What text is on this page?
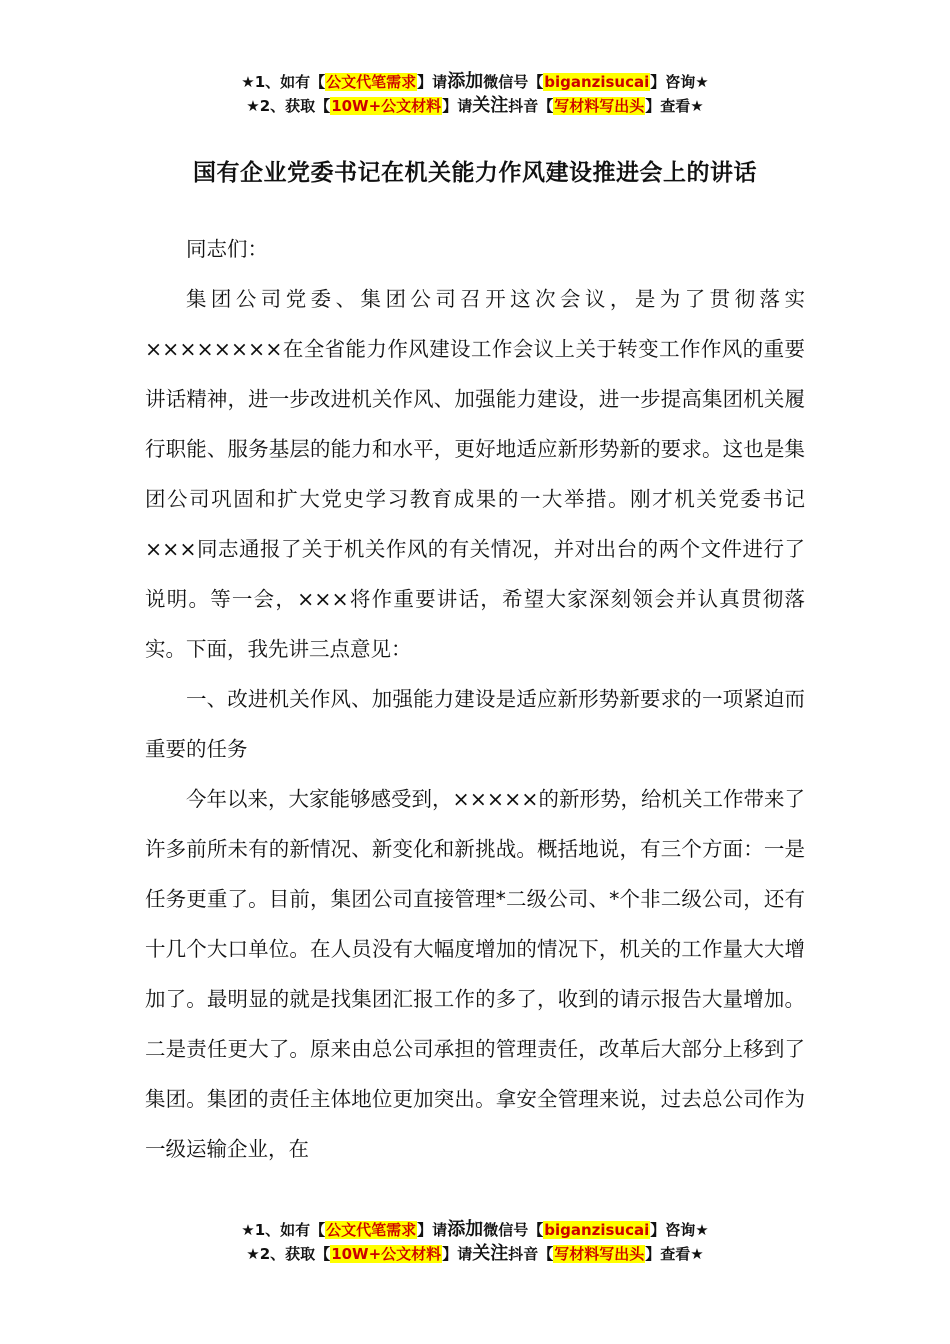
★1、如有【公文代笔需求】请添加微信号【biganzisucai】咨询★
★2、获取【10W+公文材料】请关注抖音【写材料写出头】查看★
国有企业党委书记在机关能力作风建设推进会上的讲话

同志们：

集团公司党委、集团公司召开这次会议，是为了贯彻落实××××××××在全省能力作风建设工作会议上关于转变工作作风的重要讲话精神，进一步改进机关作风、加强能力建设，进一步提高集团机关履行职能、服务基层的能力和水平，更好地适应新形势新的要求。这也是集团公司巩固和扩大党史学习教育成果的一大举措。刚才机关党委书记×××同志通报了关于机关作风的有关情况，并对出台的两个文件进行了说明。等一会，×××将作重要讲话，希望大家深刻领会并认真贯彻落实。下面，我先讲三点意见：

一、改进机关作风、加强能力建设是适应新形势新要求的一项紧迫而重要的任务

今年以来，大家能够感受到，×××××的新形势，给机关工作带来了许多前所未有的新情况、新变化和新挑战。概括地说，有三个方面：一是任务更重了。目前，集团公司直接管理*二级公司、*个非二级公司，还有十几个大口单位。在人员没有大幅度增加的情况下，机关的工作量大大增加了。最明显的就是找集团汇报工作的多了，收到的请示报告大量增加。二是责任更大了。原来由总公司承担的管理责任，改革后大部分上移到了集团。集团的责任主体地位更加突出。拿安全管理来说，过去总公司作为一级运输企业，在

★1、如有【公文代笔需求】请添加微信号【biganzisucai】咨询★
★2、获取【10W+公文材料】请关注抖音【写材料写出头】查看★
